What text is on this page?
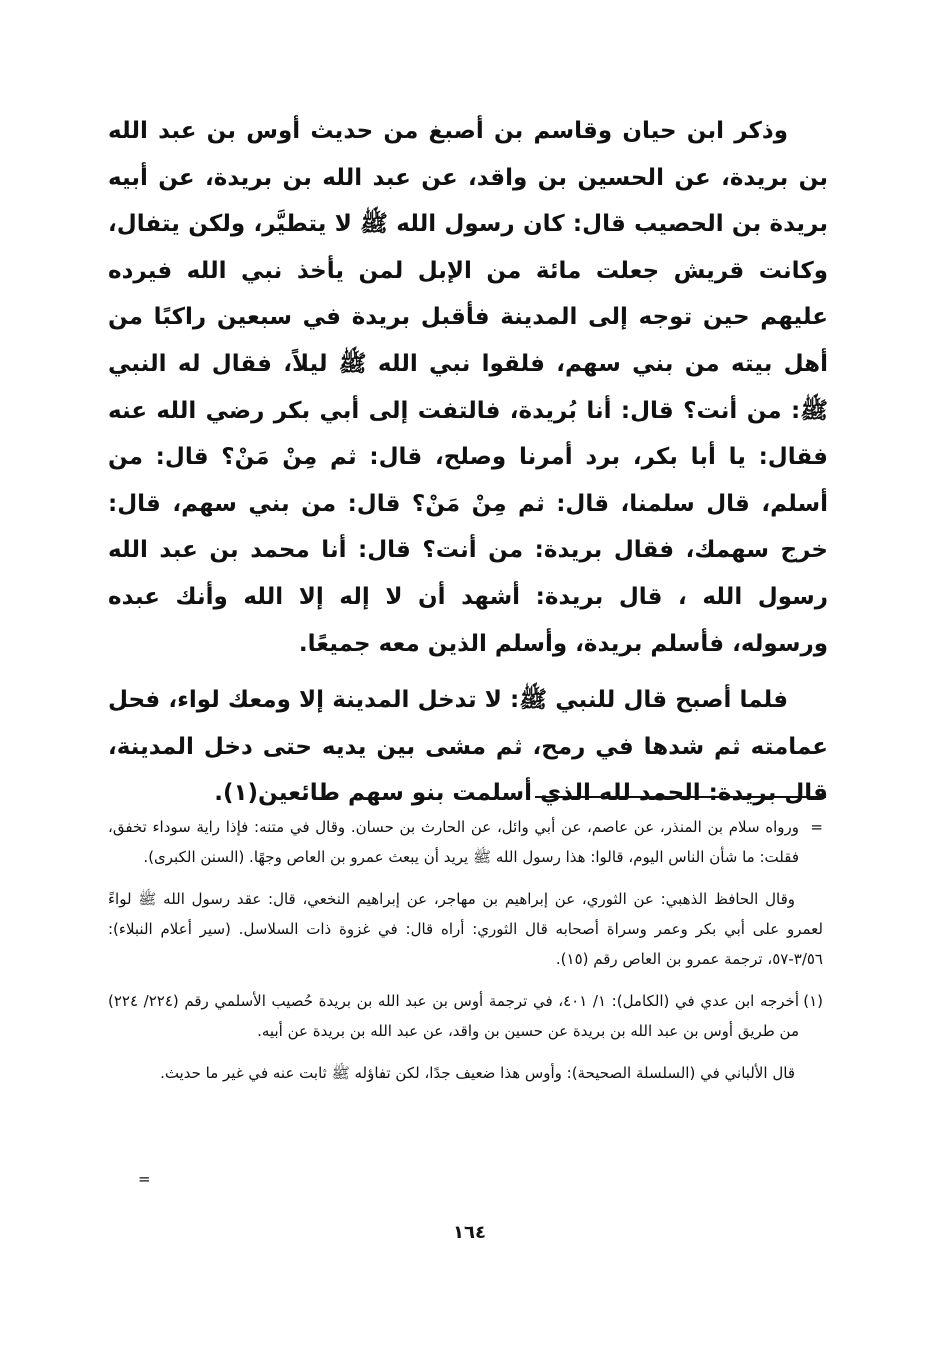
وذكر ابن حيان وقاسم بن أصبغ من حديث أوس بن عبد الله بن بريدة، عن الحسين بن واقد، عن عبد الله بن بريدة، عن أبيه بريدة بن الحصيب قال: كان رسول الله ﷺ لا يتطيَّر، ولكن يتفال، وكانت قريش جعلت مائة من الإبل لمن يأخذ نبي الله فيرده عليهم حين توجه إلى المدينة فأقبل بريدة في سبعين راكبًا من أهل بيته من بني سهم، فلقوا نبي الله ﷺ ليلاً، فقال له النبي ﷺ: من أنت؟ قال: أنا بُريدة، فالتفت إلى أبي بكر رضي الله عنه فقال: يا أبا بكر، برد أمرنا وصلح، قال: ثم مِنْ مَنْ؟ قال: من أسلم، قال سلمنا، قال: ثم مِنْ مَنْ؟ قال: من بني سهم، قال: خرج سهمك، فقال بريدة: من أنت؟ قال: أنا محمد بن عبد الله رسول الله ، قال بريدة: أشهد أن لا إله إلا الله وأنك عبده ورسوله، فأسلم بريدة، وأسلم الذين معه جميعًا.

فلما أصبح قال للنبي ﷺ: لا تدخل المدينة إلا ومعك لواء، فحل عمامته ثم شدها في رمح، ثم مشى بين يديه حتى دخل المدينة، قال بريدة: الحمد لله الذي أسلمت بنو سهم طائعين(١).

=
ورواه سلام بن المنذر، عن عاصم، عن أبي وائل، عن الحارث بن حسان. وقال في متنه: فإذا راية سوداء تخفق، فقلت: ما شأن الناس اليوم، قالوا: هذا رسول الله ﷺ يريد أن يبعث عمرو بن العاص وجهًا. (السنن الكبرى).
وقال الحافظ الذهبي: عن الثوري، عن إبراهيم بن مهاجر، عن إبراهيم النخعي، قال: عقد رسول الله ﷺ لواءً لعمرو على أبي بكر وعمر وسراة أصحابه قال الثوري: أراه قال: في غزوة ذات السلاسل. (سير أعلام النبلاء): ٣/٥٦-٥٧، ترجمة عمرو بن العاص رقم (١٥).
(١)
أخرجه ابن عدي في (الكامل): ١/ ٤٠١، في ترجمة أوس بن عبد الله بن بريدة حُصيب الأسلمي رقم (٢٢٤/ ٢٢٤) من طريق أوس بن عبد الله بن بريدة عن حسين بن واقد، عن عبد الله بن بريدة عن أبيه.
قال الألباني في (السلسلة الصحيحة): وأوس هذا ضعيف جدًا، لكن تفاؤله ﷺ ثابت عنه في غير ما حديث.
=
١٦٤
